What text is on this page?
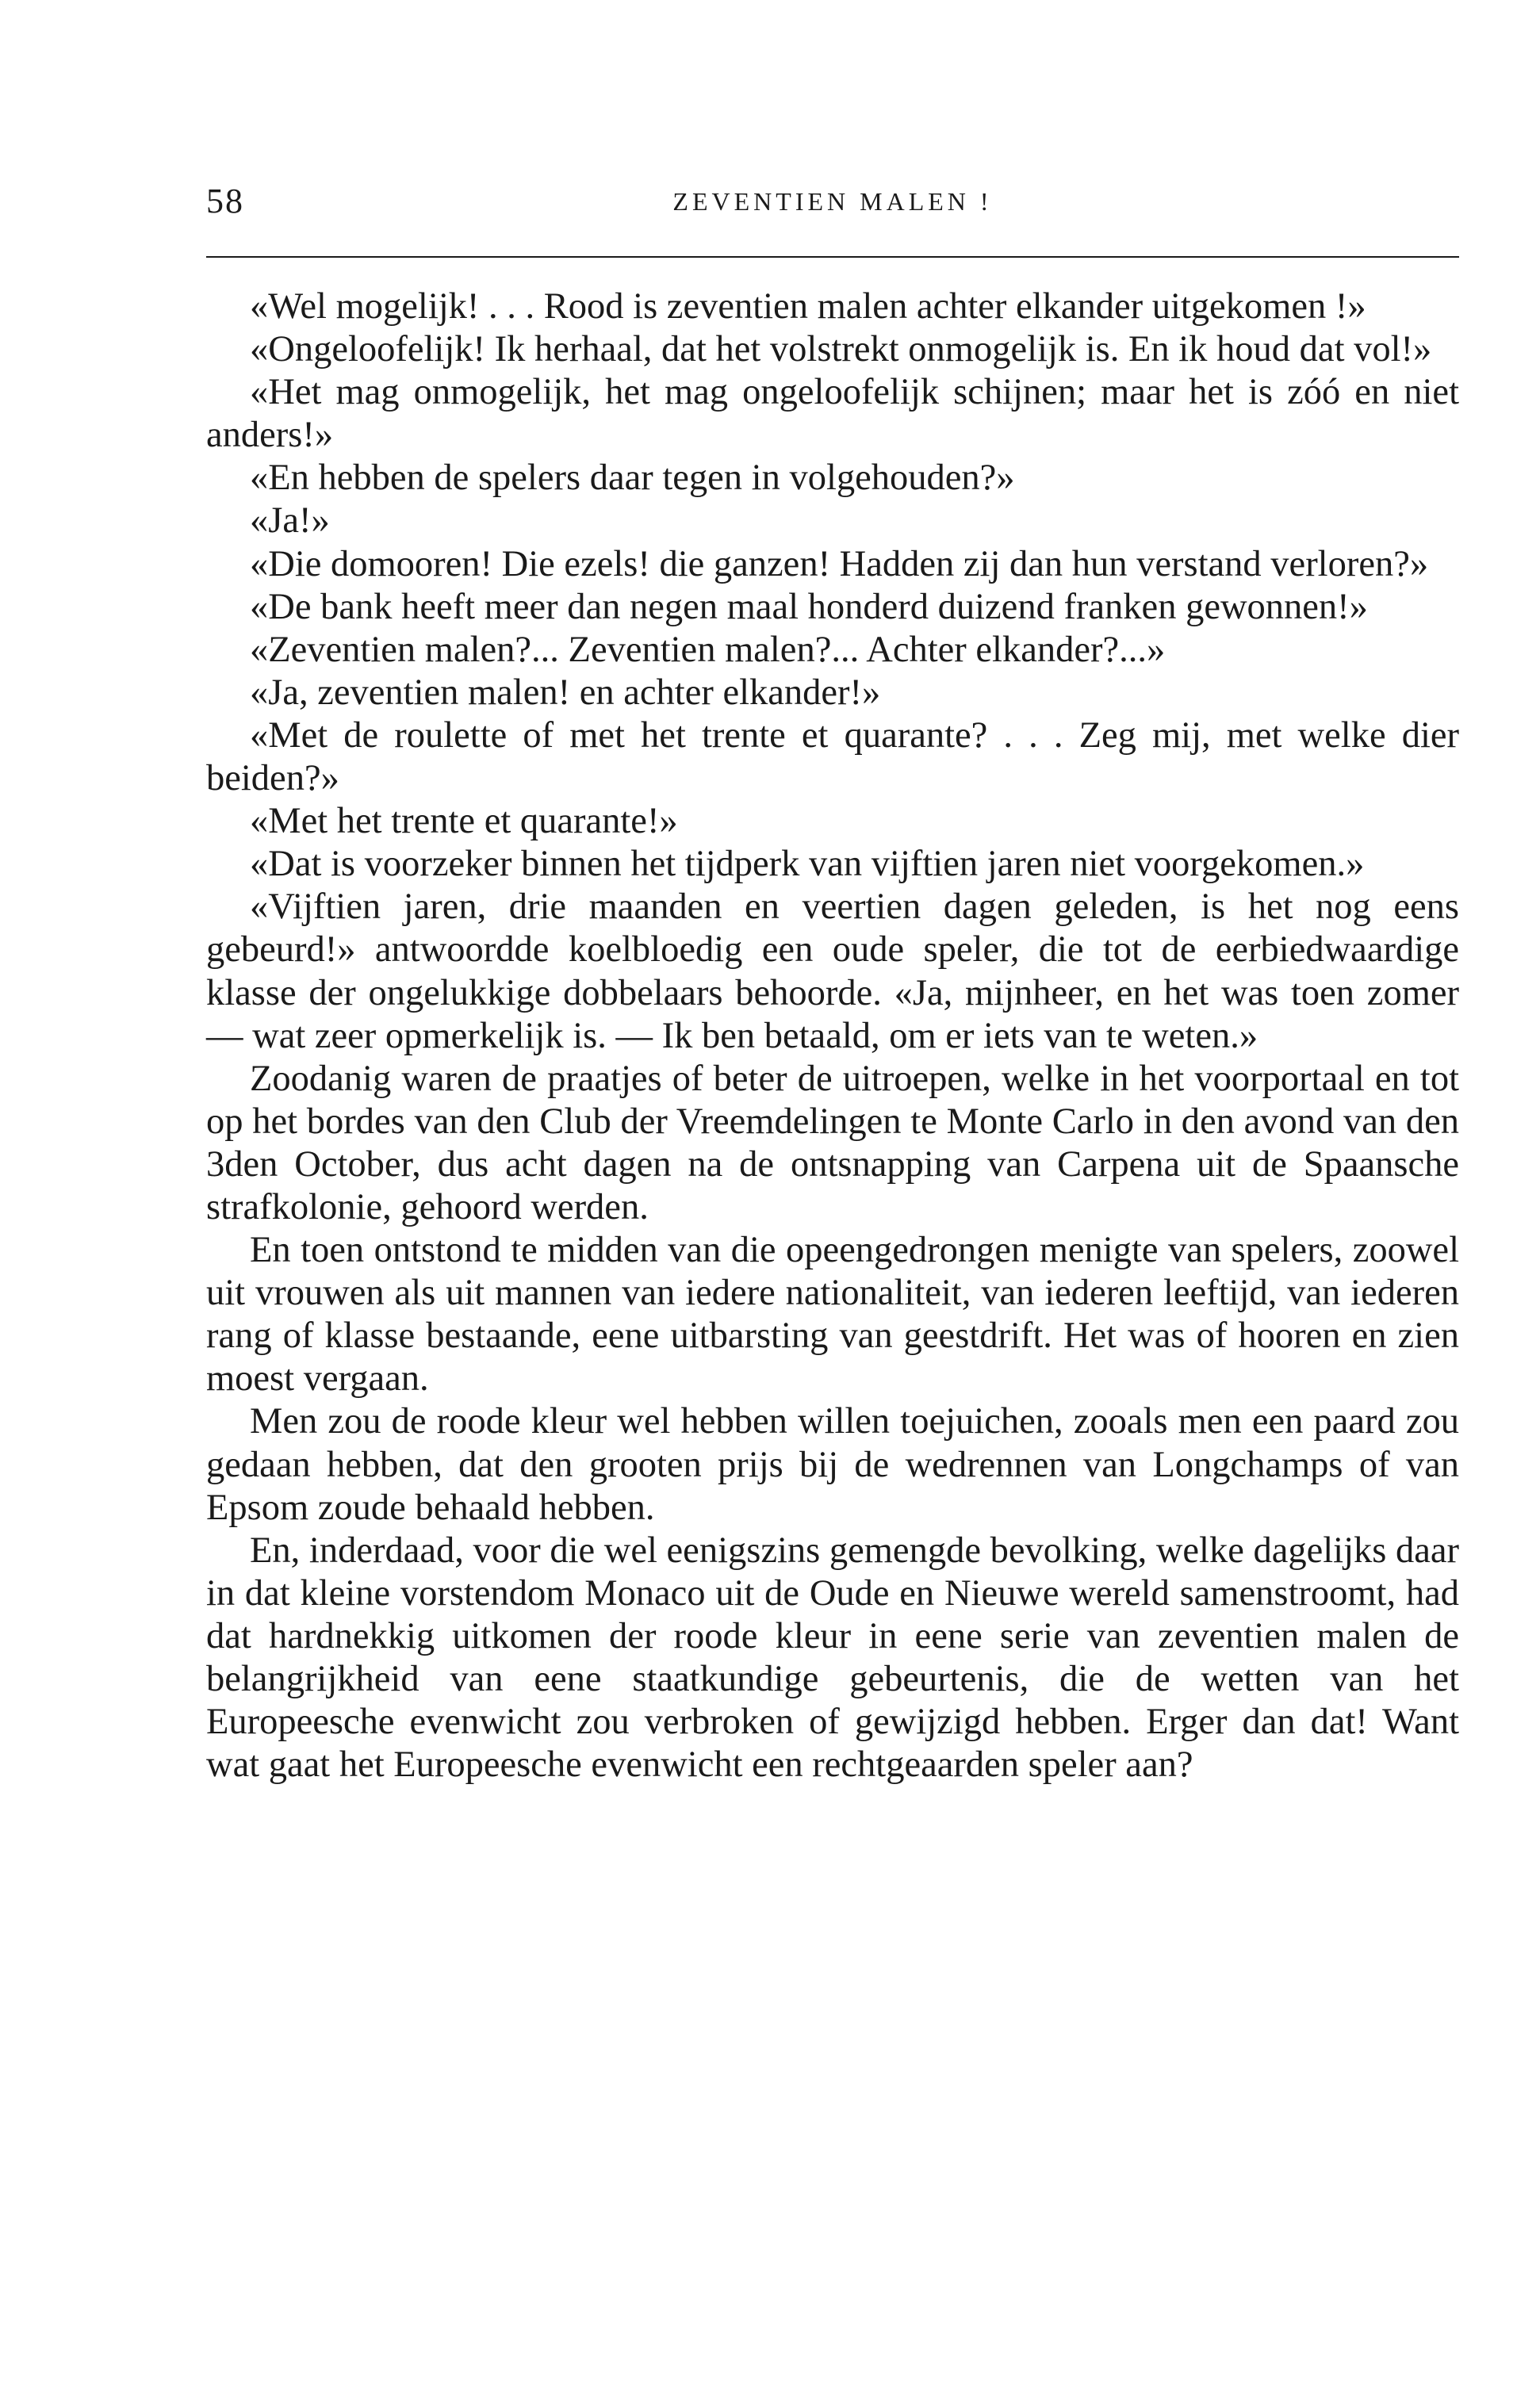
58	ZEVENTIEN MALEN !

«Wel mogelijk! . . . Rood is zeventien malen achter elkander uitgekomen !»

«Ongeloofelijk! Ik herhaal, dat het volstrekt onmogelijk is. En ik houd dat vol!»

«Het mag onmogelijk, het mag ongeloofelijk schijnen; maar het is zóó en niet anders!»

«En hebben de spelers daar tegen in volgehouden?»

«Ja!»

«Die domooren! Die ezels! die ganzen! Hadden zij dan hun verstand verloren?»

«De bank heeft meer dan negen maal honderd duizend franken gewonnen!»

«Zeventien malen?... Zeventien malen?... Achter elkander?...»

«Ja, zeventien malen! en achter elkander!»

«Met de roulette of met het trente et quarante? . . . Zeg mij, met welke dier beiden?»

«Met het trente et quarante!»

«Dat is voorzeker binnen het tijdperk van vijftien jaren niet voorgekomen.»

«Vijftien jaren, drie maanden en veertien dagen geleden, is het nog eens gebeurd!» antwoordde koelbloedig een oude speler, die tot de eerbiedwaardige klasse der ongelukkige dobbelaars behoorde. «Ja, mijnheer, en het was toen zomer — wat zeer opmerkelijk is. — Ik ben betaald, om er iets van te weten.»

Zoodanig waren de praatjes of beter de uitroepen, welke in het voorportaal en tot op het bordes van den Club der Vreemdelingen te Monte Carlo in den avond van den 3den October, dus acht dagen na de ontsnapping van Carpena uit de Spaansche strafkolonie, gehoord werden.

En toen ontstond te midden van die opeengedrongen menigte van spelers, zoowel uit vrouwen als uit mannen van iedere nationaliteit, van iederen leeftijd, van iederen rang of klasse bestaande, eene uitbarsting van geestdrift. Het was of hooren en zien moest vergaan.

Men zou de roode kleur wel hebben willen toejuichen, zooals men een paard zou gedaan hebben, dat den grooten prijs bij de wedrennen van Longchamps of van Epsom zoude behaald hebben.

En, inderdaad, voor die wel eenigszins gemengde bevolking, welke dagelijks daar in dat kleine vorstendom Monaco uit de Oude en Nieuwe wereld samenstroomt, had dat hardnekkig uitkomen der roode kleur in eene serie van zeventien malen de belangrijkheid van eene staatkundige gebeurtenis, die de wetten van het Europeesche evenwicht zou verbroken of gewijzigd hebben. Erger dan dat! Want wat gaat het Europeesche evenwicht een rechtgeaarden speler aan?
